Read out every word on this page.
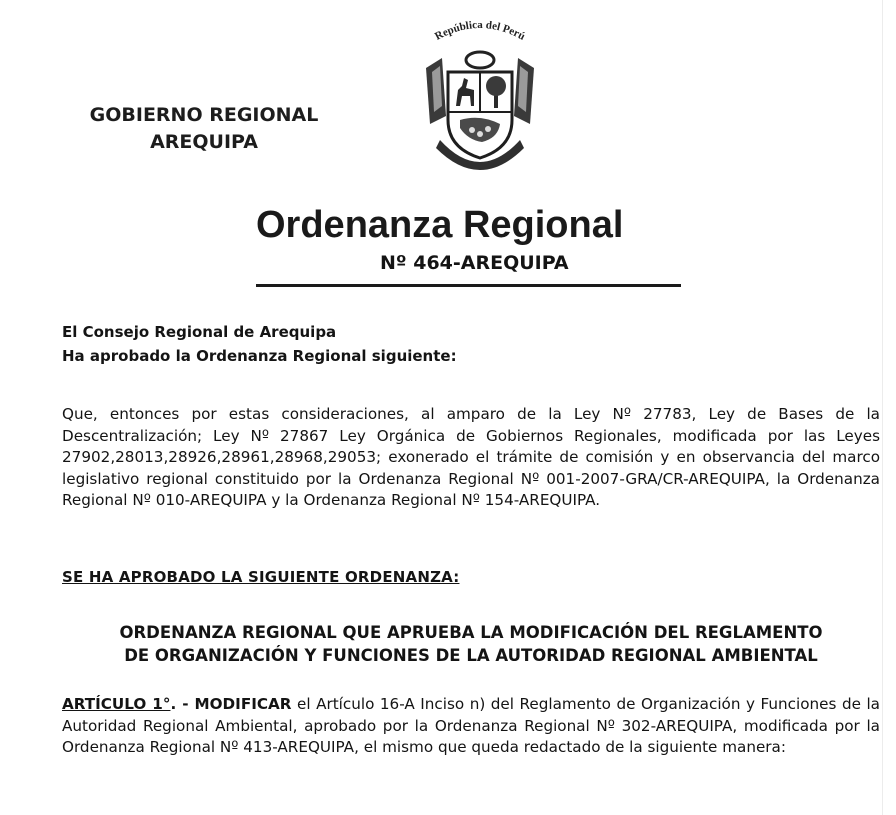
GOBIERNO REGIONAL
AREQUIPA
República del Perú
Ordenanza Regional
Nº 464-AREQUIPA
El Consejo Regional de Arequipa
Ha aprobado la Ordenanza Regional siguiente:
Que, entonces por estas consideraciones, al amparo de la Ley Nº 27783, Ley de Bases de la Descentralización; Ley Nº 27867 Ley Orgánica de Gobiernos Regionales, modificada por las Leyes 27902,28013,28926,28961,28968,29053; exonerado el trámite de comisión y en observancia del marco legislativo regional constituido por la Ordenanza Regional Nº 001-2007-GRA/CR-AREQUIPA, la Ordenanza Regional Nº 010-AREQUIPA y la Ordenanza Regional Nº 154-AREQUIPA.
SE HA APROBADO LA SIGUIENTE ORDENANZA:
ORDENANZA REGIONAL QUE APRUEBA LA MODIFICACIÓN DEL REGLAMENTO
DE ORGANIZACIÓN Y FUNCIONES DE LA AUTORIDAD REGIONAL AMBIENTAL
ARTÍCULO 1°. - MODIFICAR el Artículo 16-A Inciso n) del Reglamento de Organización y Funciones de la Autoridad Regional Ambiental, aprobado por la Ordenanza Regional Nº 302-AREQUIPA, modificada por la Ordenanza Regional Nº 413-AREQUIPA, el mismo que queda redactado de la siguiente manera:
